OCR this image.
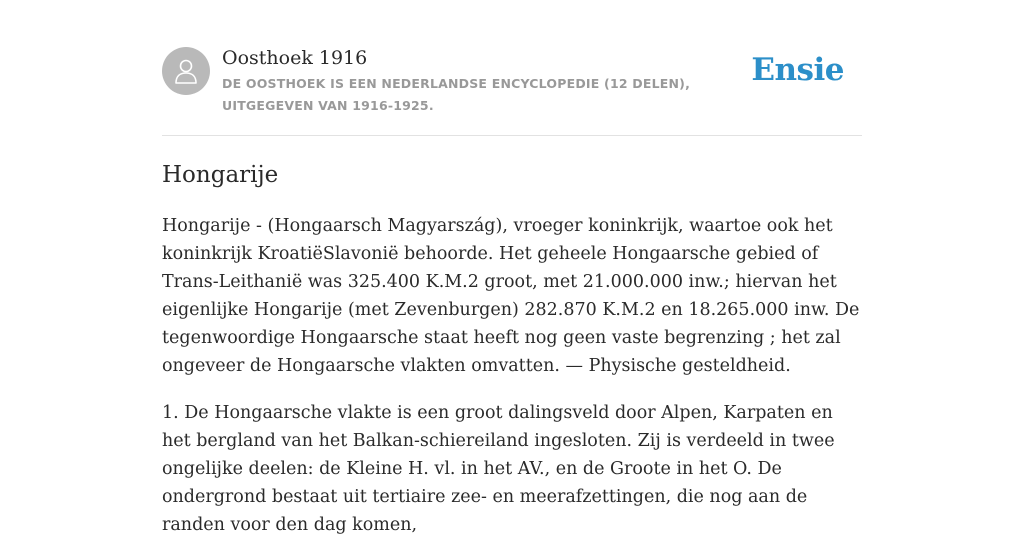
Oosthoek 1916
DE OOSTHOEK IS EEN NEDERLANDSE ENCYCLOPEDIE (12 DELEN), UITGEGEVEN VAN 1916-1925.
Ensie
Hongarije

Hongarije - (Hongaarsch Magyarszág), vroeger koninkrijk, waartoe ook het koninkrijk KroatiëSlavonië behoorde. Het geheele Hongaarsche gebied of Trans-Leithanië was 325.400 K.M.2 groot, met 21.000.000 inw.; hiervan het eigenlijke Hongarije (met Zevenburgen) 282.870 K.M.2 en 18.265.000 inw. De tegenwoordige Hongaarsche staat heeft nog geen vaste begrenzing ; het zal ongeveer de Hongaarsche vlakten omvatten. — Physische gesteldheid.

1. De Hongaarsche vlakte is een groot dalingsveld door Alpen, Karpaten en het bergland van het Balkan-schiereiland ingesloten. Zij is verdeeld in twee ongelijke deelen: de Kleine H. vl. in het AV., en de Groote in het O. De ondergrond bestaat uit tertiaire zee- en meerafzettingen, die nog aan de randen voor den dag komen,
